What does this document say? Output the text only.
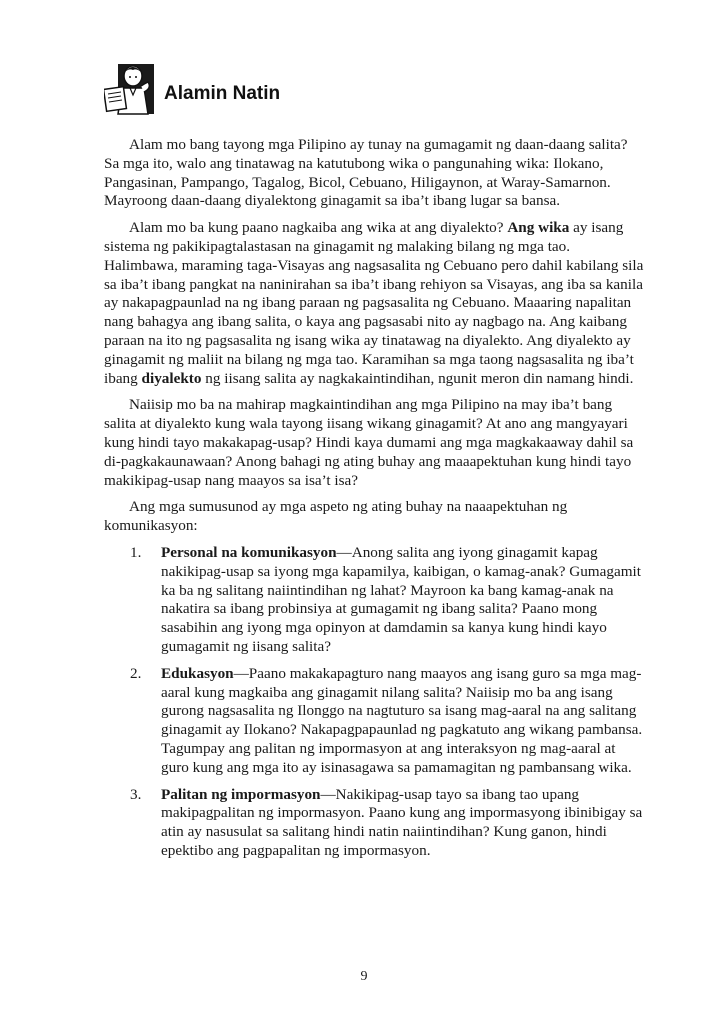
Alamin Natin

Alam mo bang tayong mga Pilipino ay tunay na gumagamit ng daan-daang salita? Sa mga ito, walo ang tinatawag na katutubong wika o pangunahing wika: Ilokano, Pangasinan, Pampango, Tagalog, Bicol, Cebuano, Hiligaynon, at Waray-Samarnon. Mayroong daan-daang diyalektong ginagamit sa iba’t ibang lugar sa bansa.

Alam mo ba kung paano nagkaiba ang wika at ang diyalekto? Ang wika ay isang sistema ng pakikipagtalastasan na ginagamit ng malaking bilang ng mga tao. Halimbawa, maraming taga-Visayas ang nagsasalita ng Cebuano pero dahil kabilang sila sa iba’t ibang pangkat na naninirahan sa iba’t ibang rehiyon sa Visayas, ang iba sa kanila ay nakapagpaunlad na ng ibang paraan ng pagsasalita ng Cebuano. Maaaring napalitan nang bahagya ang ibang salita, o kaya ang pagsasabi nito ay nagbago na. Ang kaibang paraan na ito ng pagsasalita ng isang wika ay tinatawag na diyalekto. Ang diyalekto ay ginagamit ng maliit na bilang ng mga tao. Karamihan sa mga taong nagsasalita ng iba’t ibang diyalekto ng iisang salita ay nagkakaintindihan, ngunit meron din namang hindi.

Naiisip mo ba na mahirap magkaintindihan ang mga Pilipino na may iba’t bang salita at diyalekto kung wala tayong iisang wikang ginagamit? At ano ang mangyayari kung hindi tayo makakapag-usap? Hindi kaya dumami ang mga magkakaaway dahil sa di-pagkakaunawaan? Anong bahagi ng ating buhay ang maaapektuhan kung hindi tayo makikipag-usap nang maayos sa isa’t isa?

Ang mga sumusunod ay mga aspeto ng ating buhay na naaapektuhan ng komunikasyon:

1. Personal na komunikasyon—Anong salita ang iyong ginagamit kapag nakikipag-usap sa iyong mga kapamilya, kaibigan, o kamag-anak? Gumagamit ka ba ng salitang naiintindihan ng lahat? Mayroon ka bang kamag-anak na nakatira sa ibang probinsiya at gumagamit ng ibang salita? Paano mong sasabihin ang iyong mga opinyon at damdamin sa kanya kung hindi kayo gumagamit ng iisang salita?
2. Edukasyon—Paano makakapagturo nang maayos ang isang guro sa mga mag-aaral kung magkaiba ang ginagamit nilang salita? Naiisip mo ba ang isang gurong nagsasalita ng Ilonggo na nagtuturo sa isang mag-aaral na ang salitang ginagamit ay Ilokano? Nakapagpapaunlad ng pagkatuto ang wikang pambansa. Tagumpay ang palitan ng impormasyon at ang interaksyon ng mag-aaral at guro kung ang mga ito ay isinasagawa sa pamamagitan ng pambansang wika.
3. Palitan ng impormasyon—Nakikipag-usap tayo sa ibang tao upang makipagpalitan ng impormasyon. Paano kung ang impormasyong ibinibigay sa atin ay nasusulat sa salitang hindi natin naiintindihan? Kung ganon, hindi epektibo ang pagpapalitan ng impormasyon.
9
